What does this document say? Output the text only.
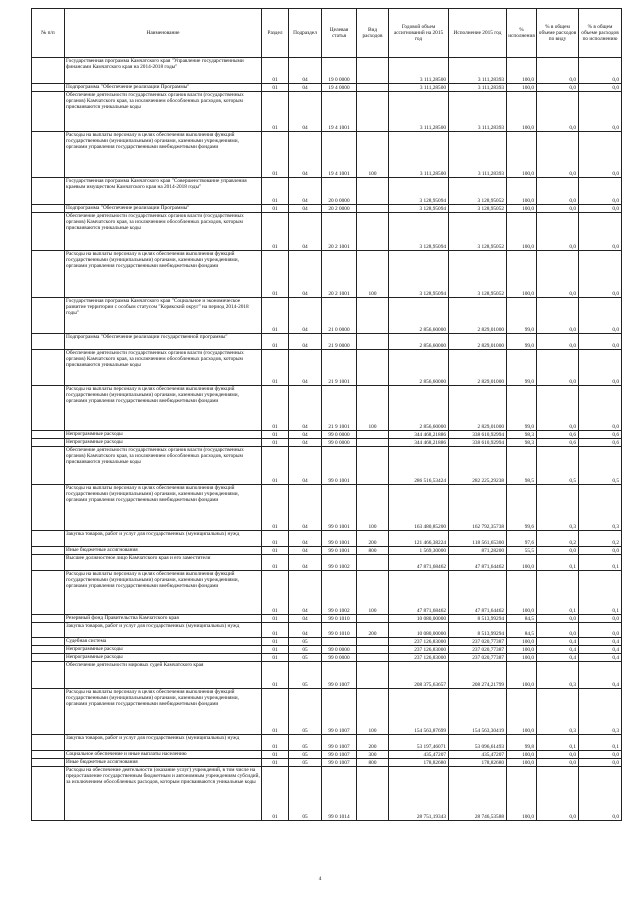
№ п/п	Наименование	Раздел	Подраздел	Целевая статья	Вид расходов	Годовой объем ассигнований на 2015 год	Исполнение 2015 год	% исполнения	% в общем объеме расходов по виду	% в общем объеме расходов по исполнению
	Государственная программа Камчатского края "Управление государственными финансами Камчатского края на 2014-2018 годы"	01	04	19 0 0000		3 111,28500	3 111,28393	100,0	0,0	0,0
	Подпрограмма "Обеспечение реализации Программы"	01	04	19 4 0000		3 111,28500	3 111,28393	100,0	0,0	0,0
	Обеспечение деятельности государственных органов власти (государственных органов) Камчатского края, за исключением обособленных расходов, которым присваиваются уникальные коды	01	04	19 4 1001		3 111,28500	3 111,28393	100,0	0,0	0,0
	Расходы на выплаты персоналу в целях обеспечения выполнения функций государственными (муниципальными) органами, казенными учреждениями, органами управления государственными внебюджетными фондами	01	04	19 4 1001	100	3 111,28500	3 111,28393	100,0	0,0	0,0
	Государственная программа Камчатского края "Совершенствование управления краевым имуществом Камчатского края на 2014-2018 годы"	01	04	20 0 0000		3 128,95094	3 128,95052	100,0	0,0	0,0
	Подпрограмма "Обеспечение реализации Программы"	01	04	20 2 0000		3 128,95094	3 128,95052	100,0	0,0	0,0
	Обеспечение деятельности государственных органов власти (государственных органов) Камчатского края, за исключением обособленных расходов, которым присваиваются уникальные коды	01	04	20 2 1001		3 128,95094	3 128,95052	100,0	0,0	0,0
	Расходы на выплаты персоналу в целях обеспечения выполнения функций государственными (муниципальными) органами, казенными учреждениями, органами управления государственными внебюджетными фондами	01	04	20 2 1001	100	3 128,95094	3 128,95052	100,0	0,0	0,0
	Государственная программа Камчатского края "Социальное и экономическое развитие территории с особым статусом "Корякский округ" на период 2014-2018 годы"	01	04	21 0 0000		2 856,60000	2 829,01000	99,0	0,0	0,0
	Подпрограмма "Обеспечение реализации государственной программы"	01	04	21 9 0000		2 856,60000	2 829,01000	99,0	0,0	0,0
	Обеспечение деятельности государственных органов власти (государственных органов) Камчатского края, за исключением обособленных расходов, которым присваиваются уникальные коды	01	04	21 9 1001		2 856,60000	2 829,01000	99,0	0,0	0,0
	Расходы на выплаты персоналу в целях обеспечения выполнения функций государственными (муниципальными) органами, казенными учреждениями, органами управления государственными внебюджетными фондами	01	04	21 9 1001	100	2 856,60000	2 829,01000	99,0	0,0	0,0
	Непрограммные расходы	01	04	99 0 0000		344 468,21886	338 610,92994	98,3	0,6	0,6
	Непрограммные расходы	01	04	99 0 0000		344 468,21886	338 610,92994	98,3	0,6	0,6
	Обеспечение деятельности государственных органов власти (государственных органов) Камчатского края, за исключением обособленных расходов, которым присваиваются уникальные коды	01	04	99 0 1001		286 516,53424	282 225,29238	98,5	0,5	0,5
	Расходы на выплаты персоналу в целях обеспечения выполнения функций государственными (муниципальными) органами, казенными учреждениями, органами управления государственными внебюджетными фондами	01	04	99 0 1001	100	163 480,85200	162 792,35738	99,6	0,3	0,3
	Закупка товаров, работ и услуг для государственных (муниципальных) нужд	01	04	99 0 1001	200	121 466,38224	118 561,65300	97,6	0,2	0,2
	Иные бюджетные ассигнования	01	04	99 0 1001	800	1 569,30000	871,28200	55,5	0,0	0,0
	Высшее должностное лицо Камчатского края и его заместители	01	04	99 0 1002		47 871,68462	47 871,64462	100,0	0,1	0,1
	Расходы на выплаты персоналу в целях обеспечения выполнения функций государственными (муниципальными) органами, казенными учреждениями, органами управления государственными внебюджетными фондами	01	04	99 0 1002	100	47 871,68462	47 871,64462	100,0	0,1	0,1
	Резервный фонд Правительства Камчатского края	01	04	99 0 1010		10 080,00000	8 513,99294	84,5	0,0	0,0
	Закупка товаров, работ и услуг для государственных (муниципальных) нужд	01	04	99 0 1010	200	10 080,00000	8 513,99294	84,5	0,0	0,0
	Судебная система	01	05			237 126,83000	237 020,77387	100,0	0,4	0,4
	Непрограммные расходы	01	05	99 0 0000		237 126,83000	237 020,77387	100,0	0,4	0,4
	Непрограммные расходы	01	05	99 0 0000		237 126,83000	237 020,77387	100,0	0,4	0,4
	Обеспечение деятельности мировых судей Камчатского края	01	05	99 0 1007		208 375,63657	208 274,21799	100,0	0,3	0,4
	Расходы на выплаты персоналу в целях обеспечения выполнения функций государственными (муниципальными) органами, казенными учреждениями, органами управления государственными внебюджетными фондами	01	05	99 0 1007	100	154 563,87699	154 563,30419	100,0	0,3	0,3
	Закупка товаров, работ и услуг для государственных (муниципальных) нужд	01	05	99 0 1007	200	53 197,46071	53 096,61493	99,8	0,1	0,1
	Социальное обеспечение и иные выплаты населению	01	05	99 0 1007	300	435,47207	435,47207	100,0	0,0	0,0
	Иные бюджетные ассигнования	01	05	99 0 1007	800	178,82680	178,82680	100,0	0,0	0,0
	Расходы на обеспечение деятельности (оказание услуг) учреждений, в том числе на предоставление государственным бюджетным и автономным учреждениям субсидий, за исключением обособленных расходов, которым присваиваются уникальные коды	01	05	99 0 1014		28 751,19343	28 746,53588	100,0	0,0	0,0
4
